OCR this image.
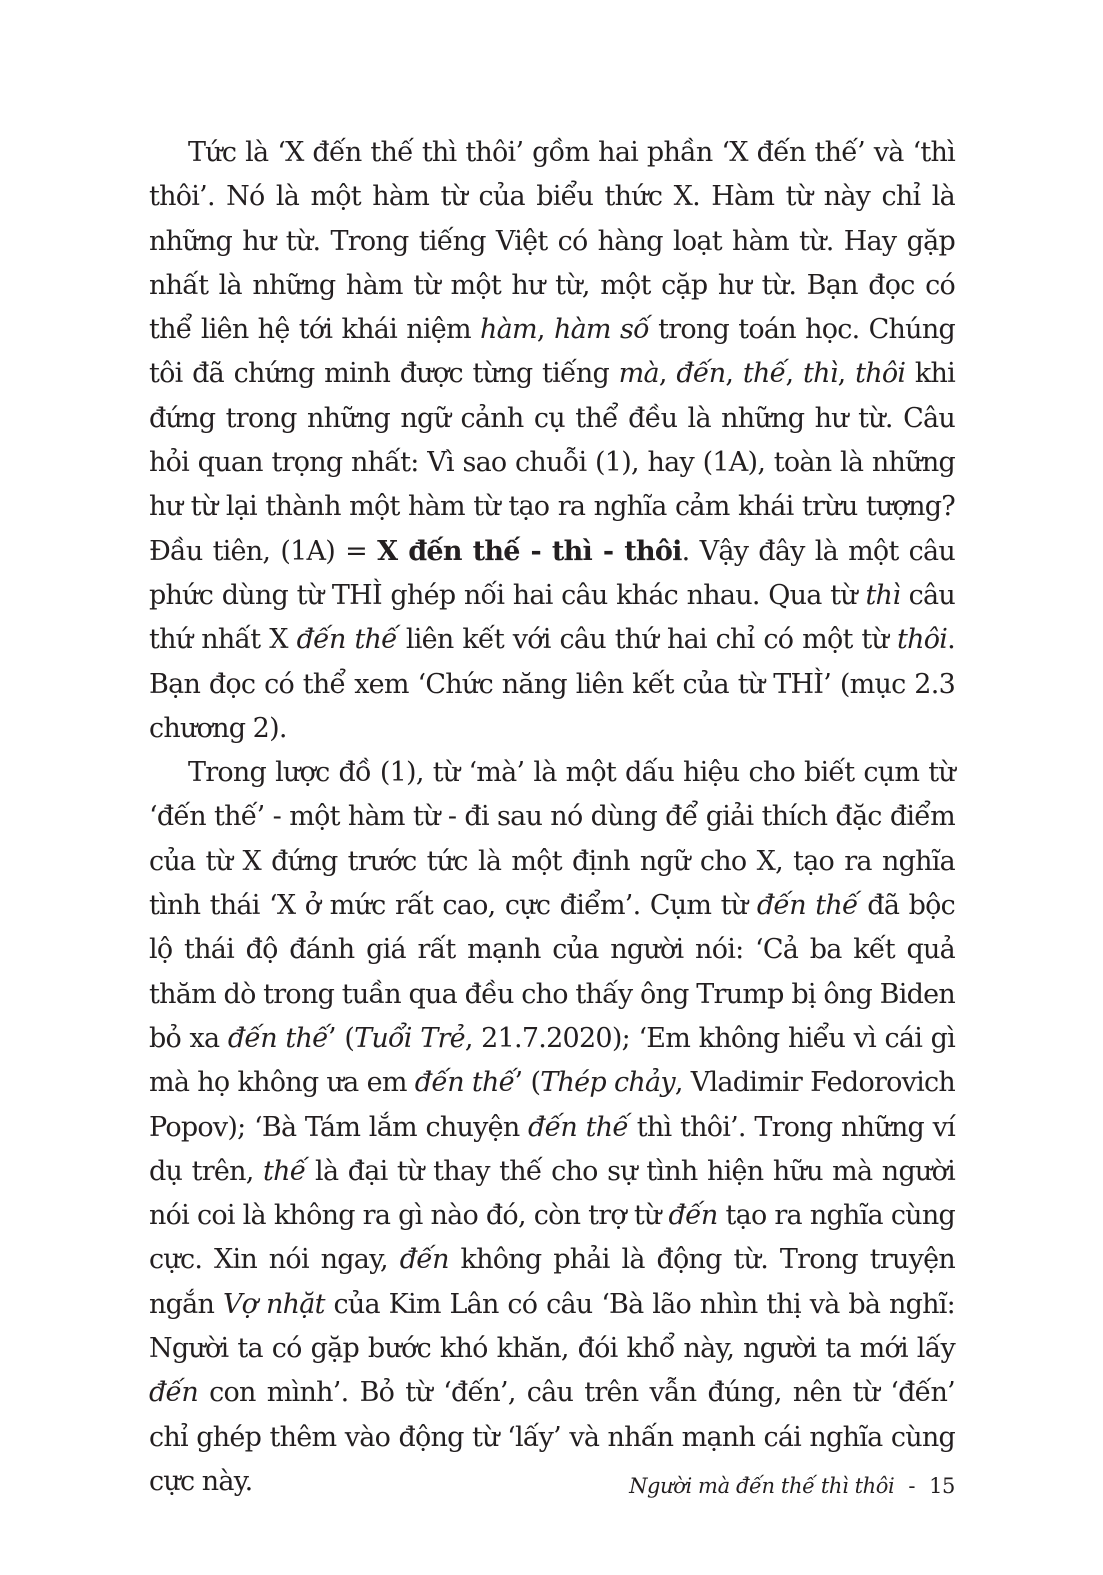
Tức là ‘X đến thế thì thôi’ gồm hai phần ‘X đến thế’ và ‘thì thôi’. Nó là một hàm từ của biểu thức X. Hàm từ này chỉ là những hư từ. Trong tiếng Việt có hàng loạt hàm từ. Hay gặp nhất là những hàm từ một hư từ, một cặp hư từ. Bạn đọc có thể liên hệ tới khái niệm hàm, hàm số trong toán học. Chúng tôi đã chứng minh được từng tiếng mà, đến, thế, thì, thôi khi đứng trong những ngữ cảnh cụ thể đều là những hư từ. Câu hỏi quan trọng nhất: Vì sao chuỗi (1), hay (1A), toàn là những hư từ lại thành một hàm từ tạo ra nghĩa cảm khái trừu tượng? Đầu tiên, (1A) = X đến thế - thì - thôi. Vậy đây là một câu phức dùng từ THÌ ghép nối hai câu khác nhau. Qua từ thì câu thứ nhất X đến thế liên kết với câu thứ hai chỉ có một từ thôi. Bạn đọc có thể xem ‘Chức năng liên kết của từ THÌ’ (mục 2.3 chương 2).

Trong lược đồ (1), từ ‘mà’ là một dấu hiệu cho biết cụm từ ‘đến thế’ - một hàm từ - đi sau nó dùng để giải thích đặc điểm của từ X đứng trước tức là một định ngữ cho X, tạo ra nghĩa tình thái ‘X ở mức rất cao, cực điểm’. Cụm từ đến thế đã bộc lộ thái độ đánh giá rất mạnh của người nói: ‘Cả ba kết quả thăm dò trong tuần qua đều cho thấy ông Trump bị ông Biden bỏ xa đến thế’ (Tuổi Trẻ, 21.7.2020); ‘Em không hiểu vì cái gì mà họ không ưa em đến thế’ (Thép chảy, Vladimir Fedorovich Popov); ‘Bà Tám lắm chuyện đến thế thì thôi’. Trong những ví dụ trên, thế là đại từ thay thế cho sự tình hiện hữu mà người nói coi là không ra gì nào đó, còn trợ từ đến tạo ra nghĩa cùng cực. Xin nói ngay, đến không phải là động từ. Trong truyện ngắn Vợ nhặt của Kim Lân có câu ‘Bà lão nhìn thị và bà nghĩ: Người ta có gặp bước khó khăn, đói khổ này, người ta mới lấy đến con mình’. Bỏ từ ‘đến’, câu trên vẫn đúng, nên từ ‘đến’ chỉ ghép thêm vào động từ ‘lấy’ và nhấn mạnh cái nghĩa cùng cực này.	Người mà đến thế thì thôi - 15
